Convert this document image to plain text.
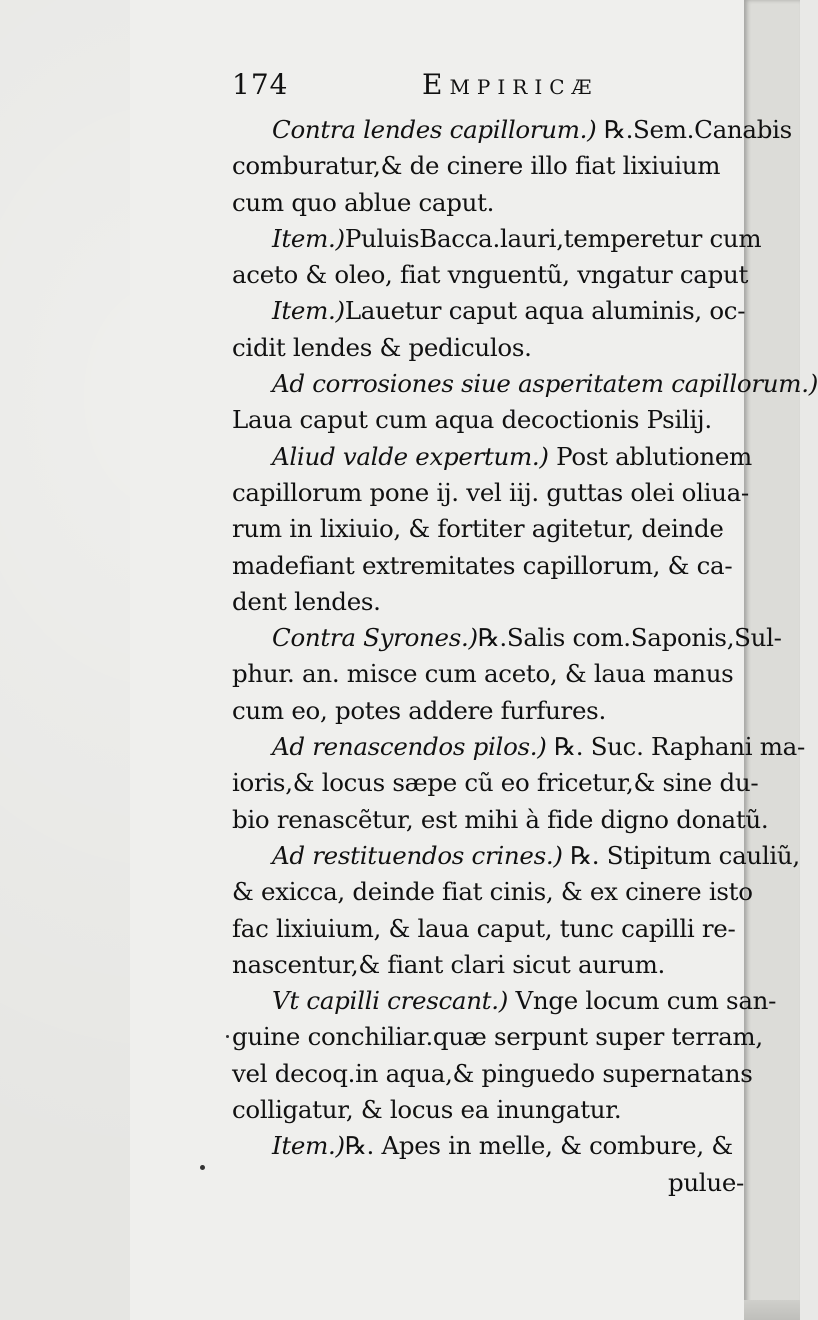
174	Empiricæ
Contra lendes capillorum.) ℞.Sem.Canabis
comburatur,& de cinere illo fiat lixiuium
cum quo ablue caput.
Item.)PuluisBacca.lauri,temperetur cum
aceto & oleo, fiat vnguentũ, vngatur caput
Item.)Lauetur caput aqua aluminis, oc-
cidit lendes & pediculos.
Ad corrosiones siue asperitatem capillorum.)
Laua caput cum aqua decoctionis Psilij.
Aliud valde expertum.) Post ablutionem
capillorum pone ij. vel iij. guttas olei oliua-
rum in lixiuio, & fortiter agitetur, deinde
madefiant extremitates capillorum, & ca-
dent lendes.
Contra Syrones.)℞.Salis com.Saponis,Sul-
phur. an. misce cum aceto, & laua manus
cum eo, potes addere furfures.
Ad renascendos pilos.) ℞. Suc. Raphani ma-
ioris,& locus sæpe cũ eo fricetur,& sine du-
bio renascẽtur, est mihi à fide digno donatũ.
Ad restituendos crines.) ℞. Stipitum cauliũ,
& exicca, deinde fiat cinis, & ex cinere isto
fac lixiuium, & laua caput, tunc capilli re-
nascentur,& fiant clari sicut aurum.
Vt capilli crescant.) Vnge locum cum san-
guine conchiliar.quæ serpunt super terram,
vel decoq.in aqua,& pinguedo supernatans
colligatur, & locus ea inungatur.
Item.)℞. Apes in melle, & combure, &
pulue-
